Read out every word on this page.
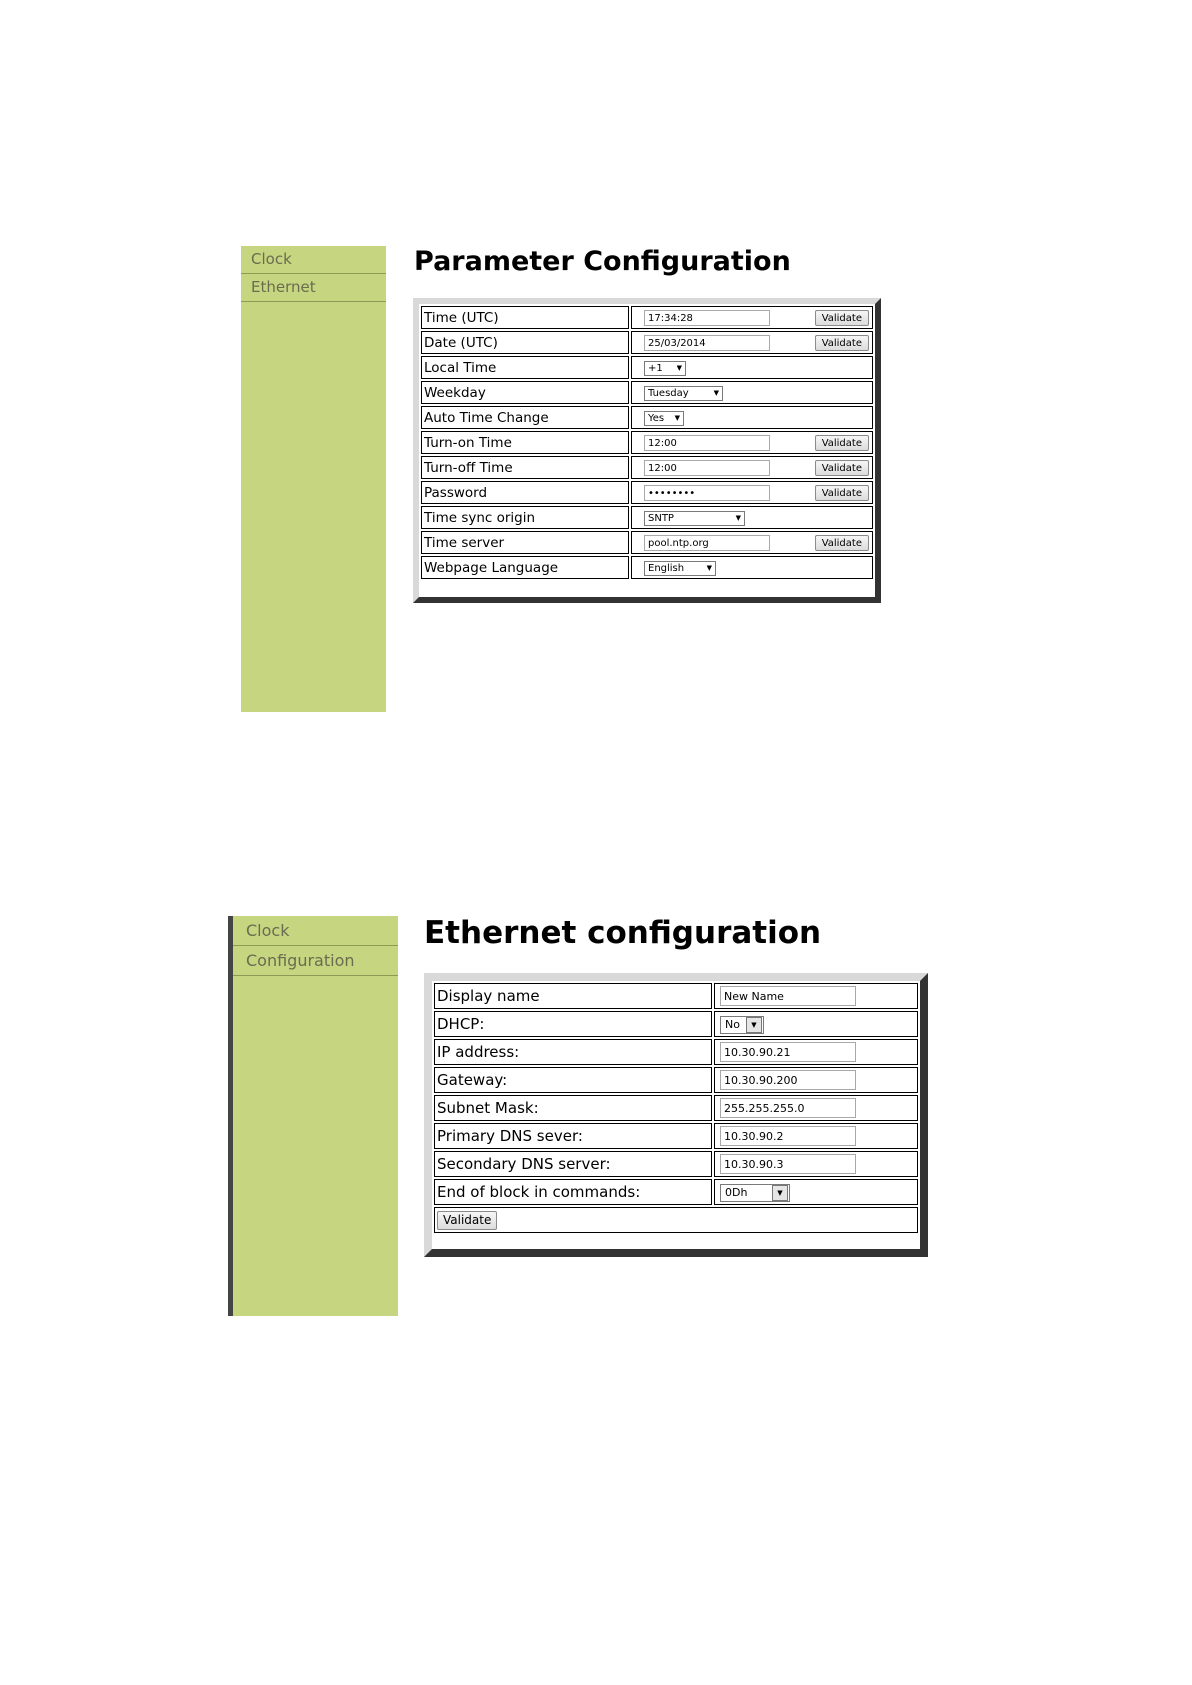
Clock
Ethernet
Parameter Configuration
Time (UTC)	17:34:28 Validate

Date (UTC)	25/03/2014 Validate

Local Time	+1 ▼

Weekday	Tuesday ▼

Auto Time Change	Yes ▼

Turn-on Time	12:00 Validate

Turn-off Time	12:00 Validate

Password	•••••••• Validate

Time sync origin	SNTP ▼

Time server	pool.ntp.org Validate

Webpage Language	English ▼
Clock
Configuration
Ethernet configuration
Display name	New Name
DHCP:	No ▼

IP address:	10.30.90.21
Gateway:	10.30.90.200
Subnet Mask:	255.255.255.0
Primary DNS sever:	10.30.90.2
Secondary DNS server:	10.30.90.3
End of block in commands:	0Dh ▼

Validate	
